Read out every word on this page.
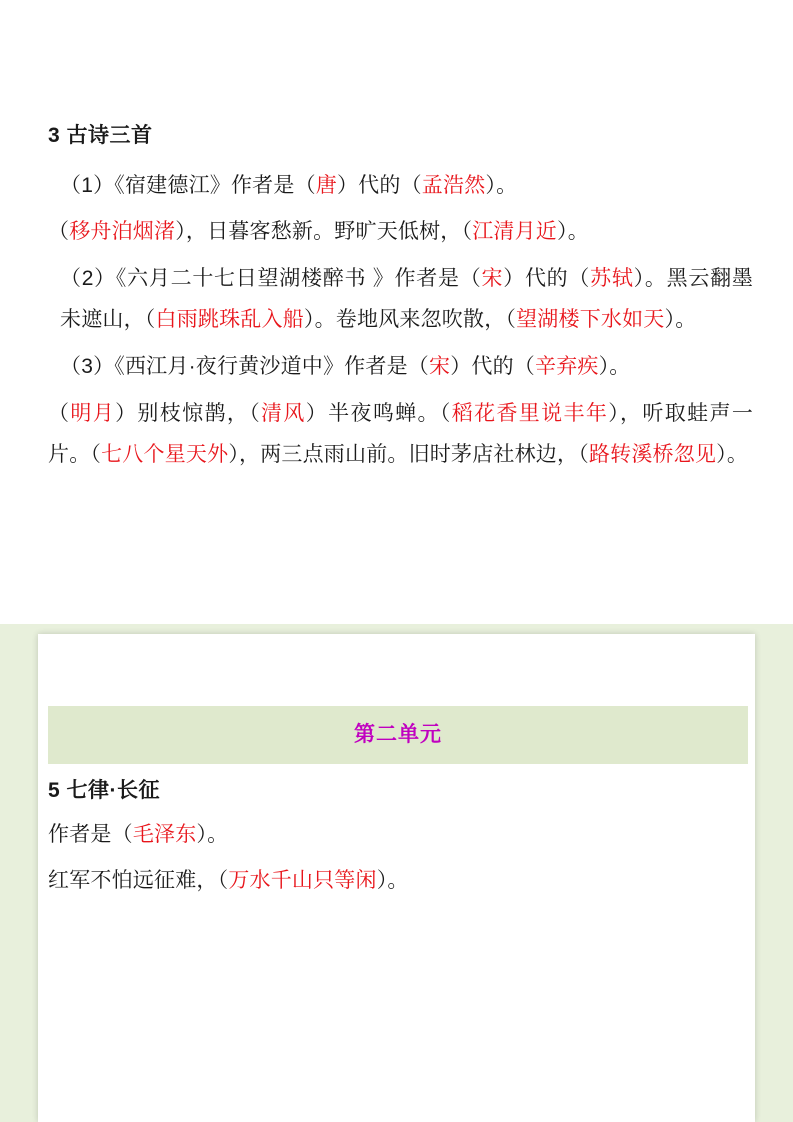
3 古诗三首
（1）《宿建德江》作者是（唐）代的（孟浩然）。
（移舟泊烟渚），日暮客愁新。野旷天低树，（江清月近）。
（2）《六月二十七日望湖楼醉书 》作者是（宋）代的（苏轼）。黑云翻墨未遮山，（白雨跳珠乱入船）。卷地风来忽吹散，（望湖楼下水如天）。
（3）《西江月·夜行黄沙道中》作者是（宋）代的（辛弃疾）。
（明月）别枝惊鹊，（清风）半夜鸣蝉。（稻花香里说丰年），听取蛙声一片。（七八个星天外），两三点雨山前。旧时茅店社林边，（路转溪桥忽见）。
第二单元
5 七律·长征
作者是（毛泽东）。
红军不怕远征难，（万水千山只等闲）。
